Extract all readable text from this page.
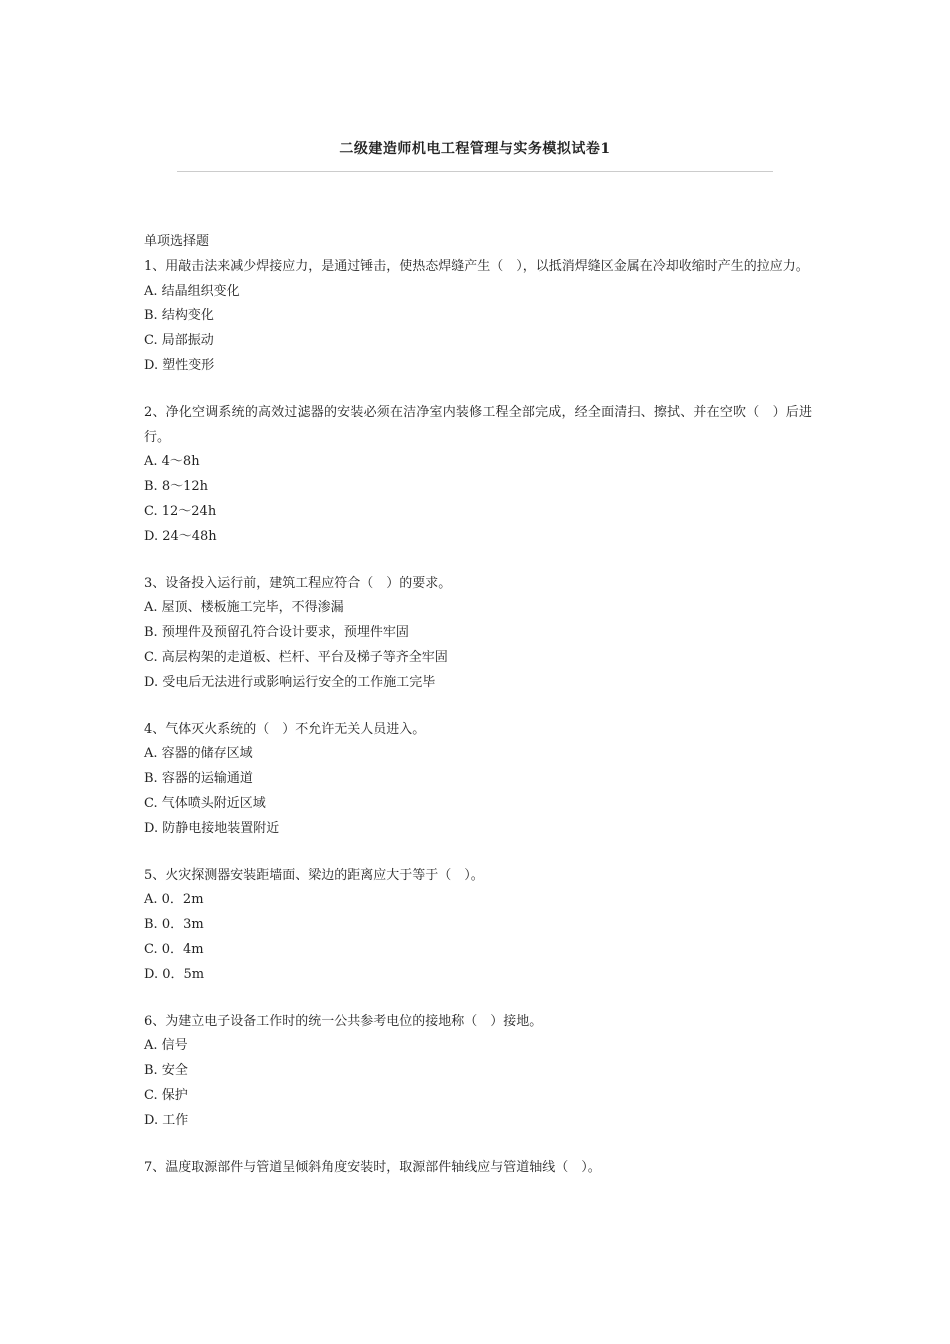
二级建造师机电工程管理与实务模拟试卷1

单项选择题

1、用敲击法来减少焊接应力，是通过锤击，使热态焊缝产生（　），以抵消焊缝区金属在冷却收缩时产生的拉应力。

A. 结晶组织变化

B. 结构变化

C. 局部振动

D. 塑性变形

2、净化空调系统的高效过滤器的安装必须在洁净室内装修工程全部完成，经全面清扫、擦拭、并在空吹（　）后进行。

A. 4～8h

B. 8～12h

C. 12～24h

D. 24～48h

3、设备投入运行前，建筑工程应符合（　）的要求。

A. 屋顶、楼板施工完毕，不得渗漏

B. 预埋件及预留孔符合设计要求，预埋件牢固

C. 高层构架的走道板、栏杆、平台及梯子等齐全牢固

D. 受电后无法进行或影响运行安全的工作施工完毕

4、气体灭火系统的（　）不允许无关人员进入。

A. 容器的储存区域

B. 容器的运输通道

C. 气体喷头附近区域

D. 防静电接地装置附近

5、火灾探测器安装距墙面、梁边的距离应大于等于（　）。

A. 0．2m

B. 0．3m

C. 0．4m

D. 0．5m

6、为建立电子设备工作时的统一公共参考电位的接地称（　）接地。

A. 信号

B. 安全

C. 保护

D. 工作

7、温度取源部件与管道呈倾斜角度安装时，取源部件轴线应与管道轴线（　）。
